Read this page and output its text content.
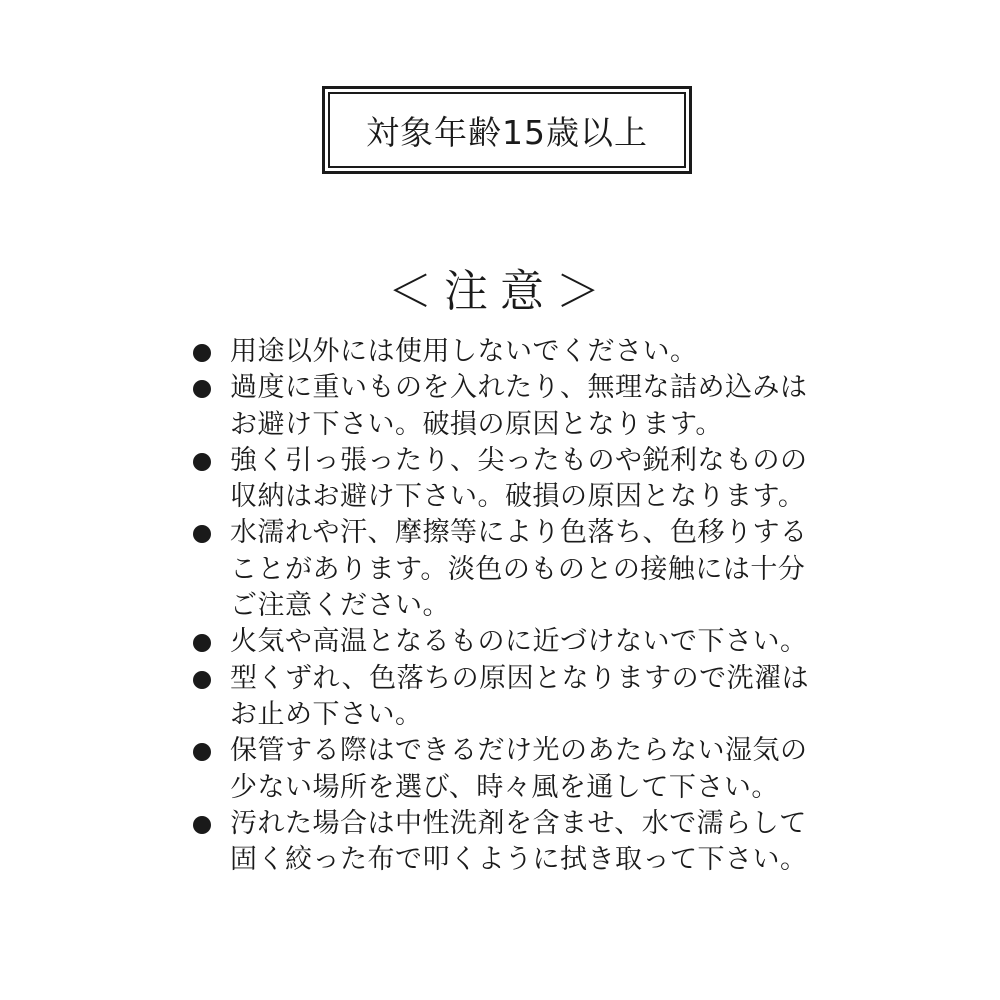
対象年齢15歳以上
＜注意＞
用途以外には使用しないでください。
過度に重いものを入れたり、無理な詰め込みは
お避け下さい。破損の原因となります。
強く引っ張ったり、尖ったものや鋭利なものの
収納はお避け下さい。破損の原因となります。
水濡れや汗、摩擦等により色落ち、色移りする
ことがあります。淡色のものとの接触には十分
ご注意ください。
火気や高温となるものに近づけないで下さい。
型くずれ、色落ちの原因となりますので洗濯は
お止め下さい。
保管する際はできるだけ光のあたらない湿気の
少ない場所を選び、時々風を通して下さい。
汚れた場合は中性洗剤を含ませ、水で濡らして
固く絞った布で叩くように拭き取って下さい。
